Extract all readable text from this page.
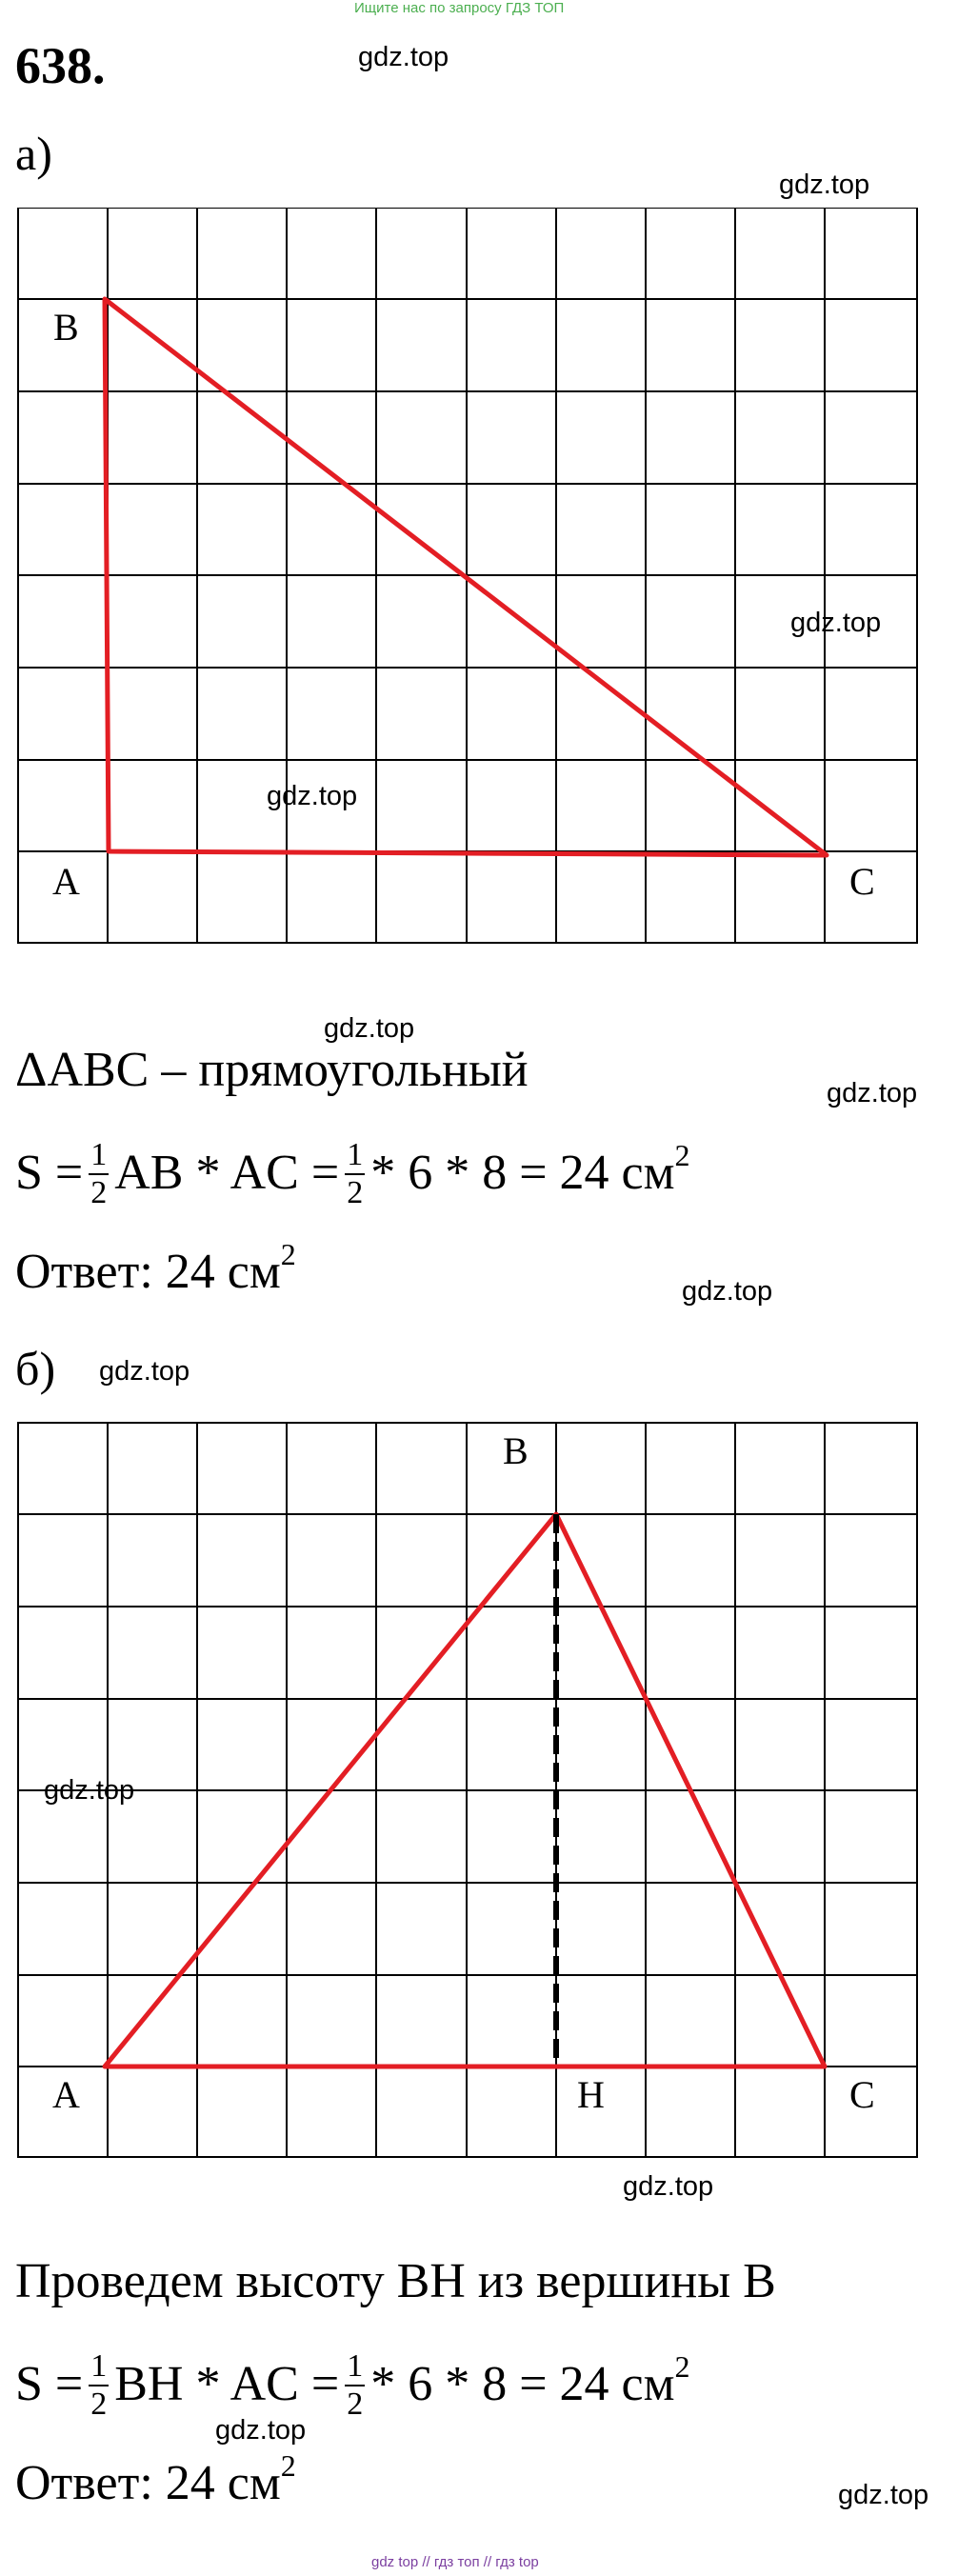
Ищите нас по запросу ГДЗ ТОП
638.	gdz.top
а)
gdz.top
B
A	C
gdz.top
gdz.top
gdz.top
ΔABC – прямоугольный	gdz.top
$S = \frac{1}{2}$ AB * AC = $\frac{1}{2} * 6 * 8 = 24$ $см^2$
Ответ: 24 $см^2$
gdz.top
б) gdz.top
B
A	H	C
gdz.top
gdz.top
Проведем высоту BH из вершины B
$S = \frac{1}{2}$ BH * AC = $\frac{1}{2} * 6 * 8 = 24$ $см^2$
gdz.top
Ответ: 24 $см^2$
gdz.top
gdz top // гдз топ // гдз top
